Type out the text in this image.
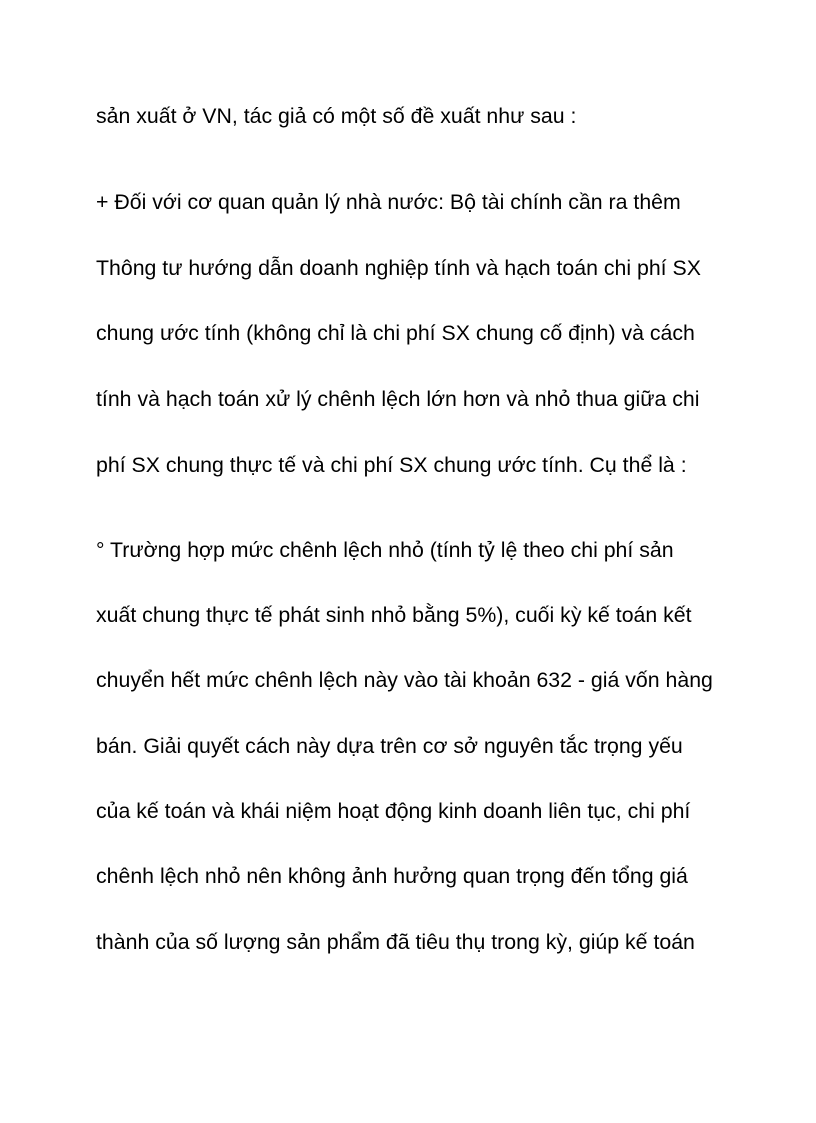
sản xuất ở VN, tác giả có một số đề xuất như sau :

+ Đối với cơ quan quản lý nhà nước: Bộ tài chính cần ra thêm

Thông tư hướng dẫn doanh nghiệp tính và hạch toán chi phí SX

chung ước tính (không chỉ là chi phí SX chung cố định) và cách

tính và hạch toán xử lý chênh lệch lớn hơn và nhỏ thua giữa chi

phí SX chung thực tế và chi phí SX chung ước tính. Cụ thể là :

° Trường hợp mức chênh lệch nhỏ (tính tỷ lệ theo chi phí sản

xuất chung thực tế phát sinh nhỏ bằng 5%), cuối kỳ kế toán kết

chuyển hết mức chênh lệch này vào tài khoản 632 - giá vốn hàng

bán. Giải quyết cách này dựa trên cơ sở nguyên tắc trọng yếu

của kế toán và khái niệm hoạt động kinh doanh liên tục, chi phí

chênh lệch nhỏ nên không ảnh hưởng quan trọng đến tổng giá

thành của số lượng sản phẩm đã tiêu thụ trong kỳ, giúp kế toán
